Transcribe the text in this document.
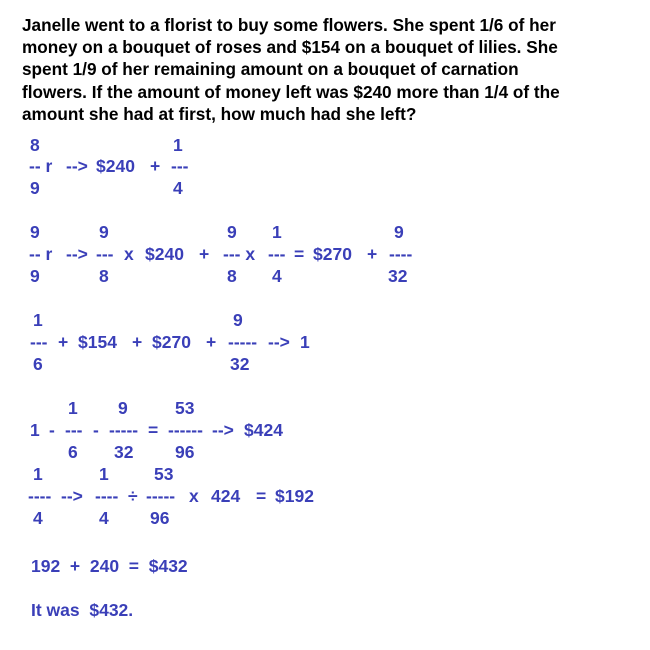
Janelle went to a florist to buy some flowers. She spent 1/6 of her
money on a bouquet of roses and $154 on a bouquet of lilies. She
spent 1/9 of her remaining amount on a bouquet of carnation
flowers. If the amount of money left was $240 more than 1/4 of the
amount she had at first, how much had she left?
8	1
-- r --> $240 + ---
9	4
9	9	9 1	9
-- r --> --- x $240 + --- x --- = $270 + ----
9	8	8 4	32
1	9
--- + $154 + $270 + ----- --> 1
6	32
1 9	53
1 - --- - ----- = ------ --> $424
6 32 96
1	1	53
---- --> ---- ÷ ----- x 424 = $192
4	4 96
192  +  240  =  $432
It was  $432.
